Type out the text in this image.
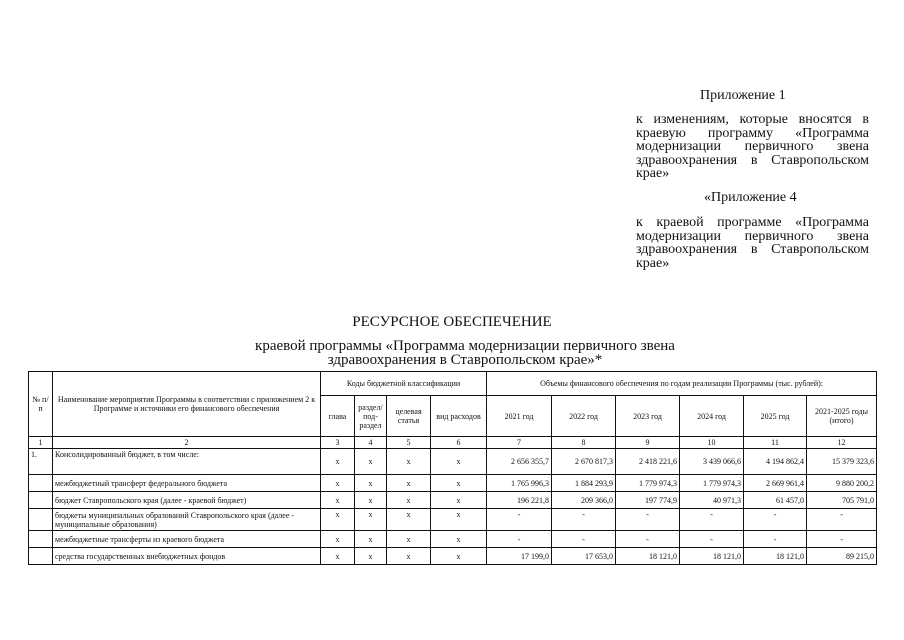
Приложение 1
к изменениям, которые вносятся в краевую программу «Программа модернизации первичного звена здравоохранения в Ставропольском крае»
«Приложение 4
к краевой программе «Программа модернизации первичного звена здравоохранения в Ставропольском крае»
РЕСУРСНОЕ ОБЕСПЕЧЕНИЕ
краевой программы «Программа модернизации первичного звена здравоохранения в Ставропольском крае»*
№ п/п	Наименование мероприятия Программы в соответствии с приложением 2 к Программе и источники его финансового обеспечения	Коды бюджетной классификации				Объемы финансового обеспечения по годам реализации Программы (тыс. рублей):					
		глава	раздел/ под-раздел	целевая статья	вид расходов	2021 год	2022 год	2023 год	2024 год	2025 год	2021-2025 годы (итого)
1	2	3	4	5	6	7	8	9	10	11	12
1.	Консолидированный бюджет, в том числе:	х	х	х	х	2 656 355,7	2 670 817,3	2 418 221,6	3 439 066,6	4 194 862,4	15 379 323,6
	межбюджетный трансферт федерального бюджета	х	х	х	х	1 765 996,3	1 884 293,9	1 779 974,3	1 779 974,3	2 669 961,4	9 880 200,2
	бюджет Ставропольского края (далее - краевой бюджет)	х	х	х	х	196 221,8	209 366,0	197 774,9	40 971,3	61 457,0	705 791,0
	бюджеты муниципальных образований Ставропольского края (далее - муниципальные образования)	х	х	х	х	-	-	-	-	-	-
	межбюджетные трансферты из краевого бюджета	х	х	х	х	-	-	-	-	-	-
	средства государственных внебюджетных фондов	х	х	х	х	17 199,0	17 653,0	18 121,0	18 121,0	18 121,0	89 215,0
